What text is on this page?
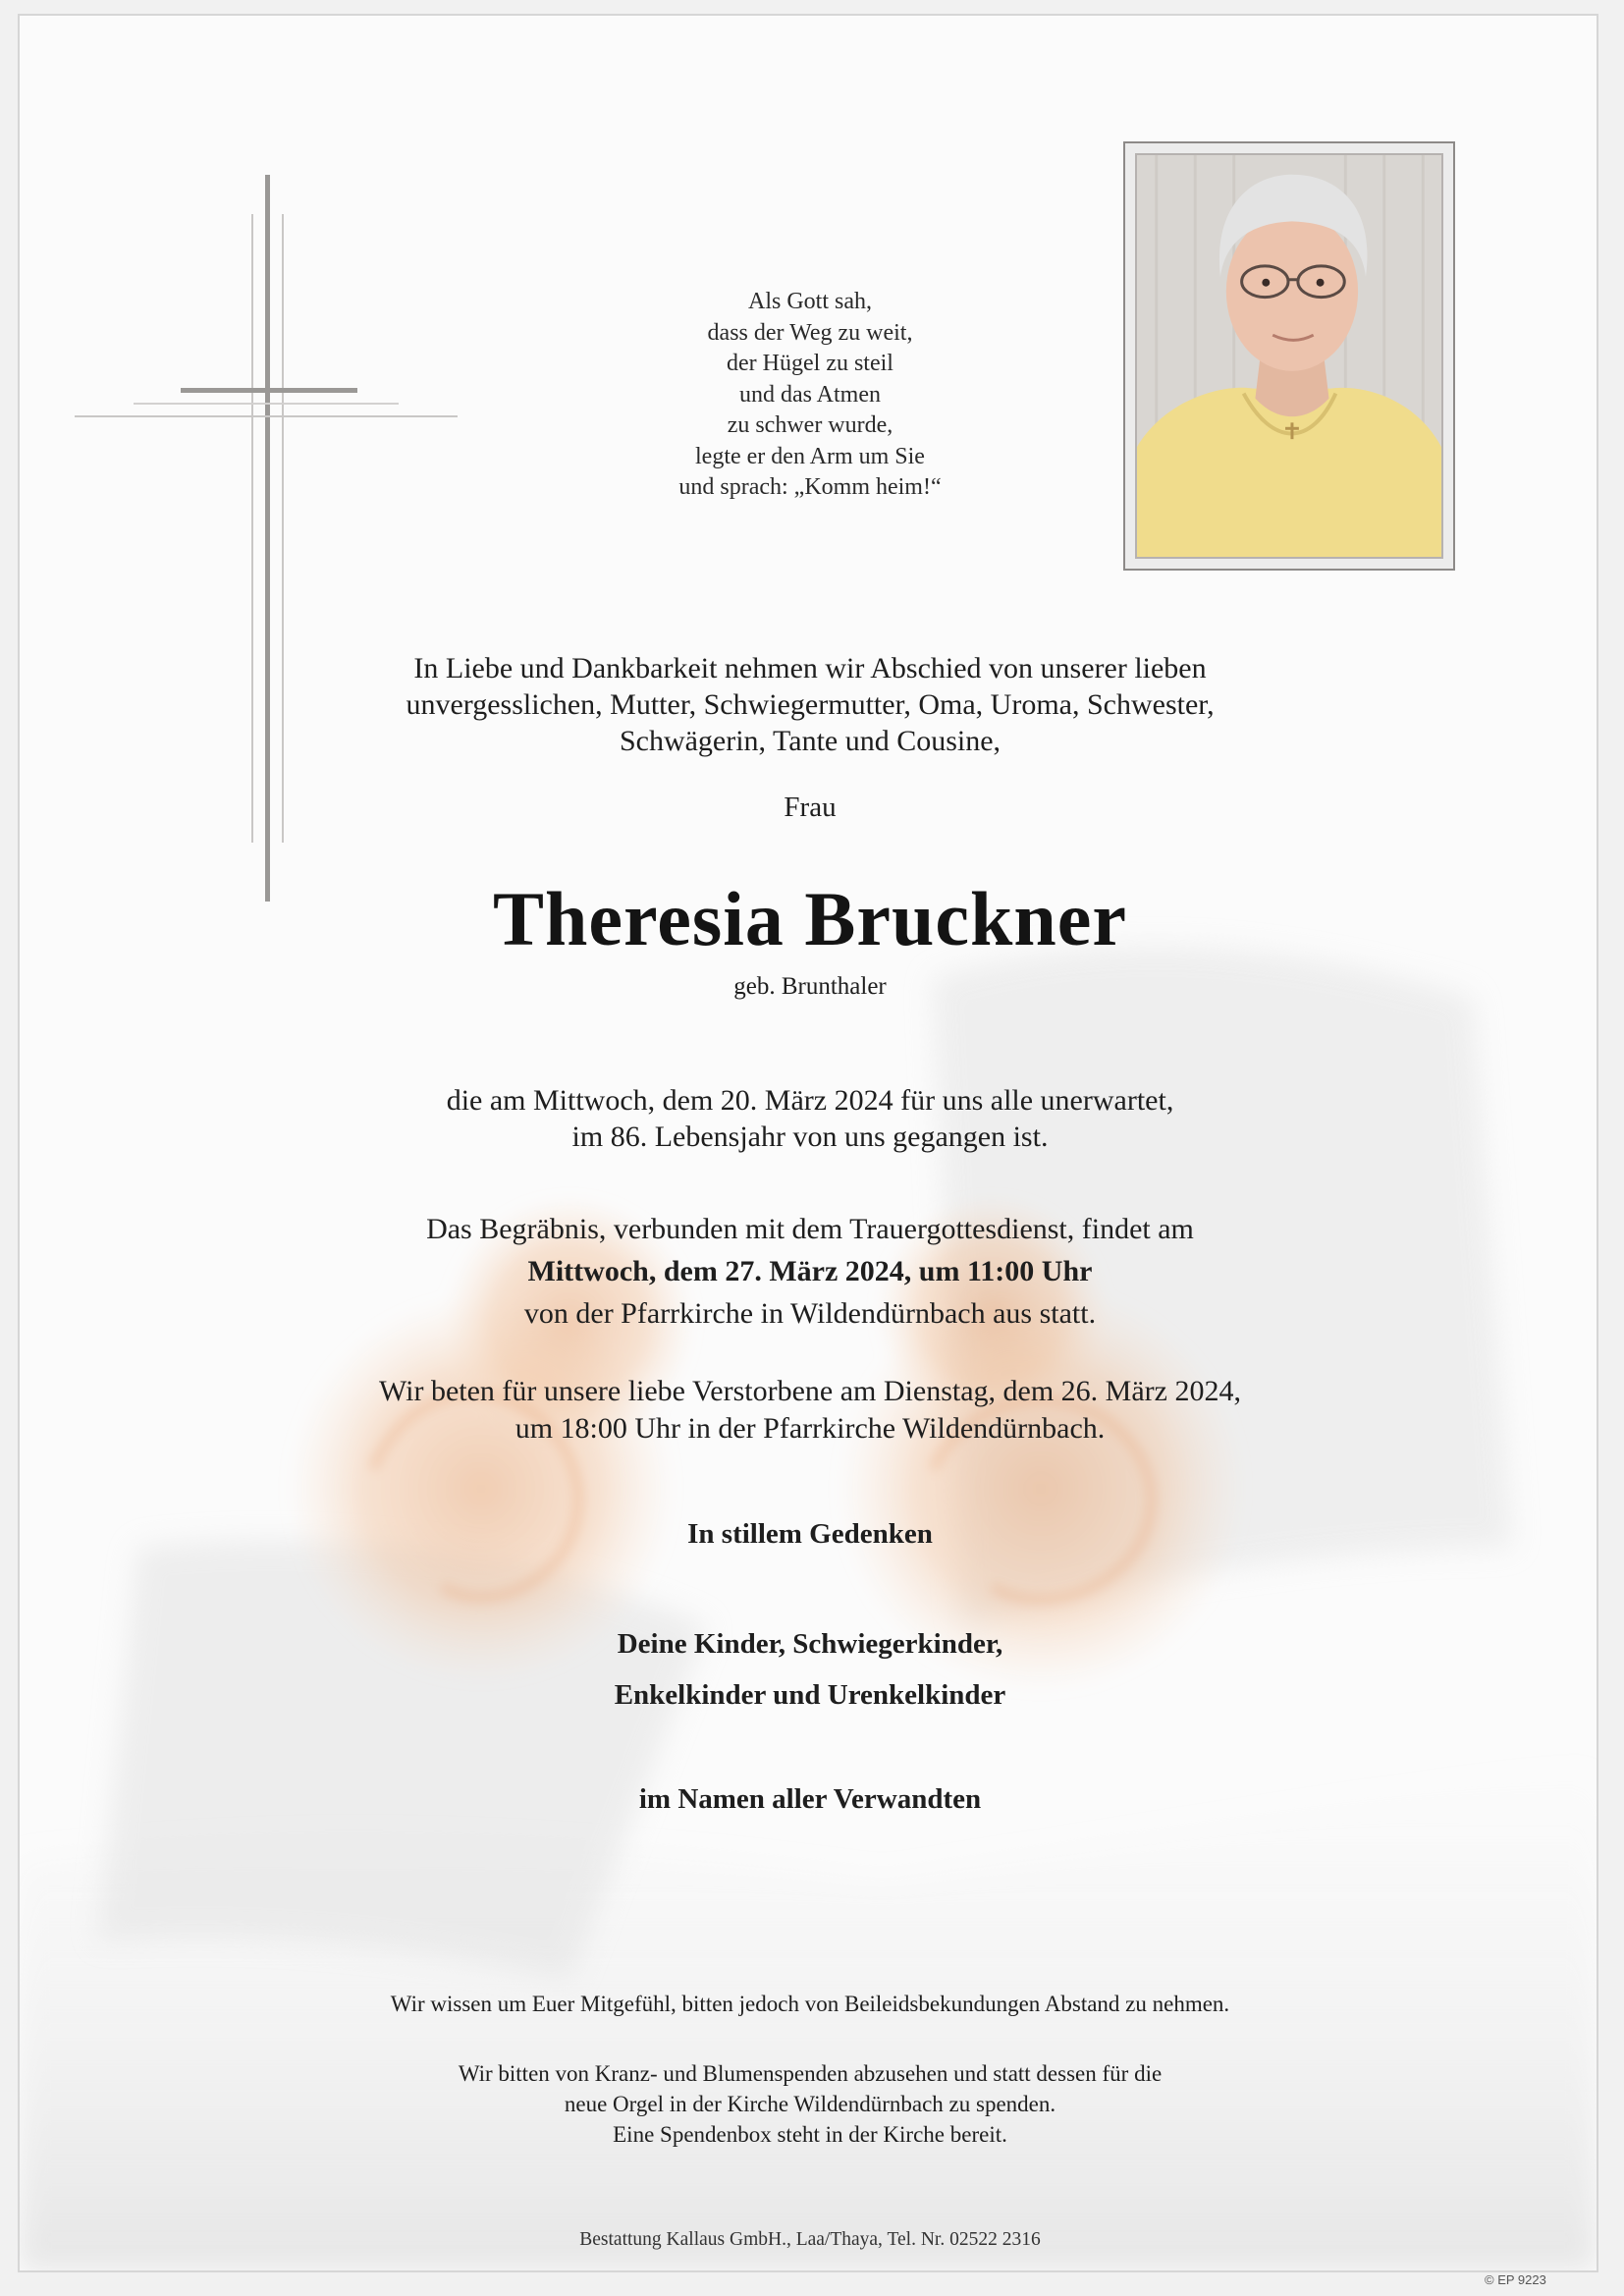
Als Gott sah,
dass der Weg zu weit,
der Hügel zu steil
und das Atmen
zu schwer wurde,
legte er den Arm um Sie
und sprach: „Komm heim!“
In Liebe und Dankbarkeit nehmen wir Abschied von unserer lieben
unvergesslichen, Mutter, Schwiegermutter, Oma, Uroma, Schwester,
Schwägerin, Tante und Cousine,
Frau
Theresia Bruckner
geb. Brunthaler
die am Mittwoch, dem 20. März 2024 für uns alle unerwartet,
im 86. Lebensjahr von uns gegangen ist.
Das Begräbnis, verbunden mit dem Trauergottesdienst, findet am
Mittwoch, dem 27. März 2024, um 11:00 Uhr
von der Pfarrkirche in Wildendürnbach aus statt.
Wir beten für unsere liebe Verstorbene am Dienstag, dem 26. März 2024,
um 18:00 Uhr in der Pfarrkirche Wildendürnbach.
In stillem Gedenken
Deine Kinder, Schwiegerkinder,
Enkelkinder und Urenkelkinder
im Namen aller Verwandten
Wir wissen um Euer Mitgefühl, bitten jedoch von Beileidsbekundungen Abstand zu nehmen.
Wir bitten von Kranz- und Blumenspenden abzusehen und statt dessen für die
neue Orgel in der Kirche Wildendürnbach zu spenden.
Eine Spendenbox steht in der Kirche bereit.
Bestattung Kallaus GmbH., Laa/Thaya, Tel. Nr. 02522 2316
© EP 9223
